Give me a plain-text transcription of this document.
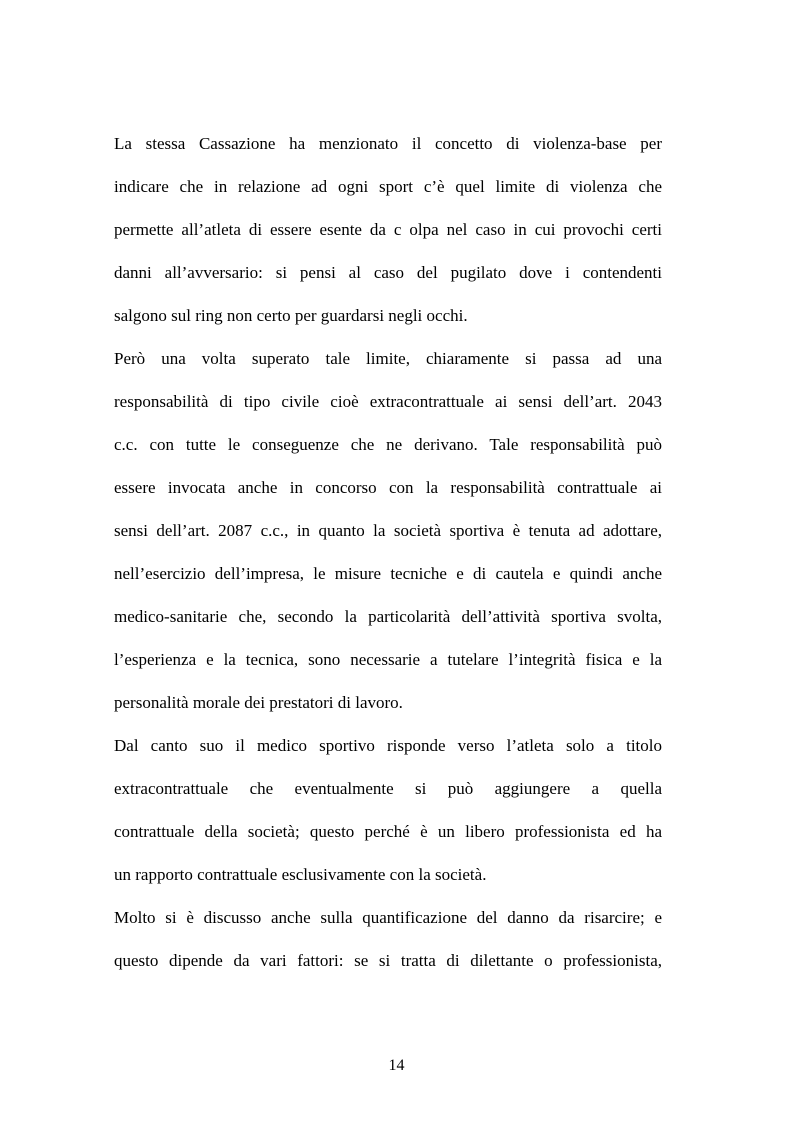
La stessa Cassazione ha menzionato il concetto di violenza-base per
indicare che in relazione ad ogni sport c’è quel limite di violenza che
permette all’atleta di essere esente da c olpa nel caso in cui provochi certi
danni all’avversario: si pensi al caso del pugilato dove i contendenti
salgono sul ring non certo per guardarsi negli occhi.
Però una volta superato tale limite, chiaramente si passa ad una
responsabilità di tipo civile cioè extracontrattuale ai sensi dell’art. 2043
c.c. con tutte le conseguenze che ne derivano. Tale responsabilità può
essere invocata anche in concorso con la responsabilità contrattuale ai
sensi dell’art. 2087 c.c., in quanto la società sportiva è tenuta ad adottare,
nell’esercizio dell’impresa, le misure tecniche e di cautela e quindi anche
medico-sanitarie che, secondo la particolarità dell’attività sportiva svolta,
l’esperienza e la tecnica, sono necessarie a tutelare l’integrità fisica e la
personalità morale dei prestatori di lavoro.
Dal canto suo il medico sportivo risponde verso l’atleta solo a titolo
extracontrattuale che eventualmente si può aggiungere a quella
contrattuale della società; questo perché è un libero professionista ed ha
un rapporto contrattuale esclusivamente con la società.
Molto si è discusso anche sulla quantificazione del danno da risarcire; e
questo dipende da vari fattori: se si tratta di dilettante o professionista,
14
